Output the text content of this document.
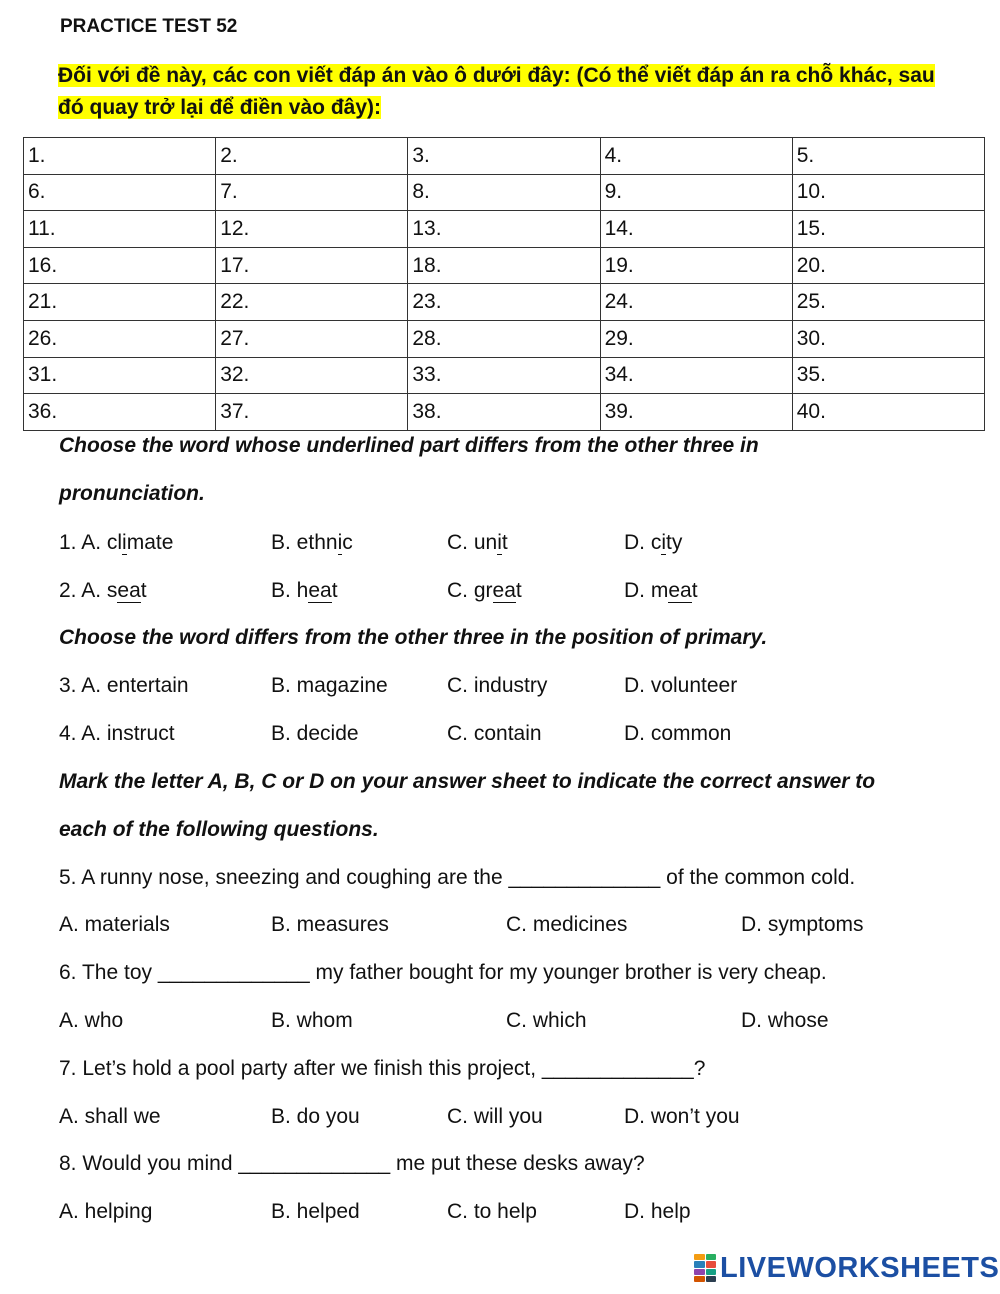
PRACTICE TEST 52
Đối với đề này, các con viết đáp án vào ô dưới đây: (Có thể viết đáp án ra chỗ khác, sau đó quay trở lại để điền vào đây):
1.	2.	3.	4.	5.
6.	7.	8.	9.	10.
11.	12.	13.	14.	15.
16.	17.	18.	19.	20.
21.	22.	23.	24.	25.
26.	27.	28.	29.	30.
31.	32.	33.	34.	35.
36.	37.	38.	39.	40.
Choose the word whose underlined part differs from the other three in
pronunciation.
1. A. climate	B. ethnic	C. unit	D. city
2. A. seat	B. heat	C. great	D. meat
Choose the word differs from the other three in the position of primary.
3. A. entertain	B. magazine	C. industry	D. volunteer
4. A. instruct	B. decide	C. contain	D. common
Mark the letter A, B, C or D on your answer sheet to indicate the correct answer to
each of the following questions.
5. A runny nose, sneezing and coughing are the _____________ of the common cold.
A. materials	B. measures	C. medicines	D. symptoms
6. The toy _____________ my father bought for my younger brother is very cheap.
A. who	B. whom	C. which	D. whose
7. Let’s hold a pool party after we finish this project, _____________?
A. shall we	B. do you	C. will you	D. won’t you
8. Would you mind _____________ me put these desks away?
A. helping	B. helped	C. to help	D. help
LIVEWORKSHEETS
